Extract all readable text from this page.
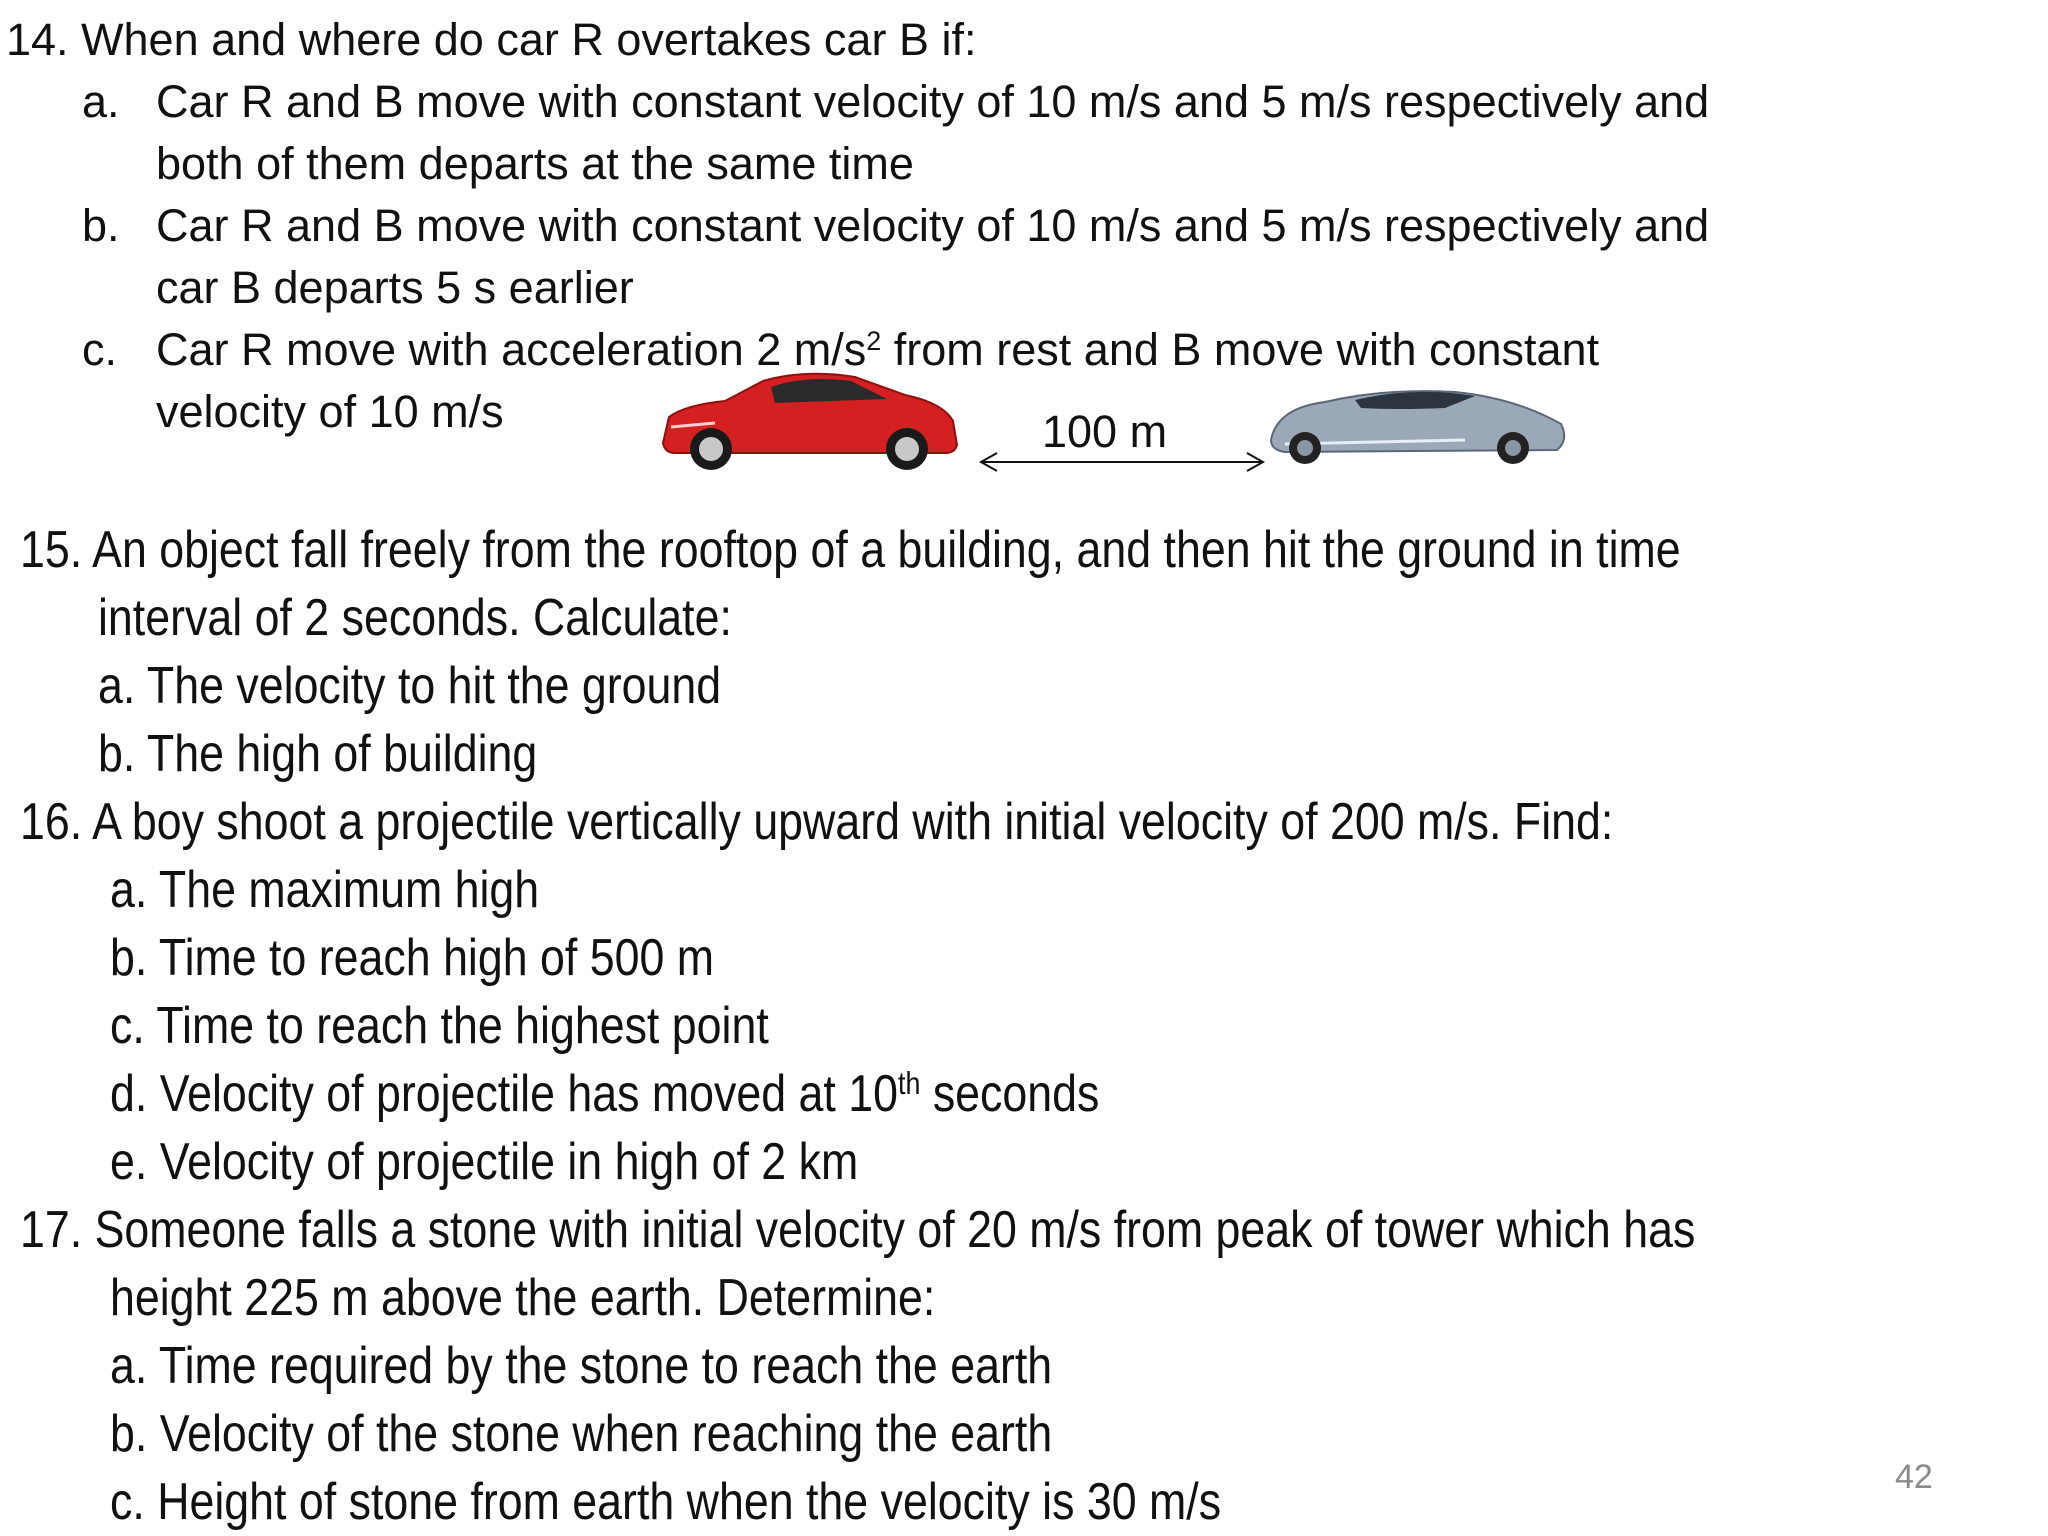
14. When and where do car R overtakes car B if:
a. Car R and B move with constant velocity of 10 m/s and 5 m/s respectively and
both of them departs at the same time
b. Car R and B move with constant velocity of 10 m/s and 5 m/s respectively and
car B departs 5 s earlier
c. Car R move with acceleration 2 $m/s^2$ from rest and B move with constant
velocity of 10 m/s	100 m
15. An object fall freely from the rooftop of a building, and then hit the ground in time
interval of 2 seconds. Calculate:
a. The velocity to hit the ground
b. The high of building
16. A boy shoot a projectile vertically upward with initial velocity of 200 m/s. Find:
a. The maximum high
b. Time to reach high of 500 m
c. Time to reach the highest point
d. Velocity of projectile has moved at 10th seconds
e. Velocity of projectile in high of 2 km
17. Someone falls a stone with initial velocity of 20 m/s from peak of tower which has
height 225 m above the earth. Determine:
a. Time required by the stone to reach the earth
b. Velocity of the stone when reaching the earth
c. Height of stone from earth when the velocity is 30 m/s	42
